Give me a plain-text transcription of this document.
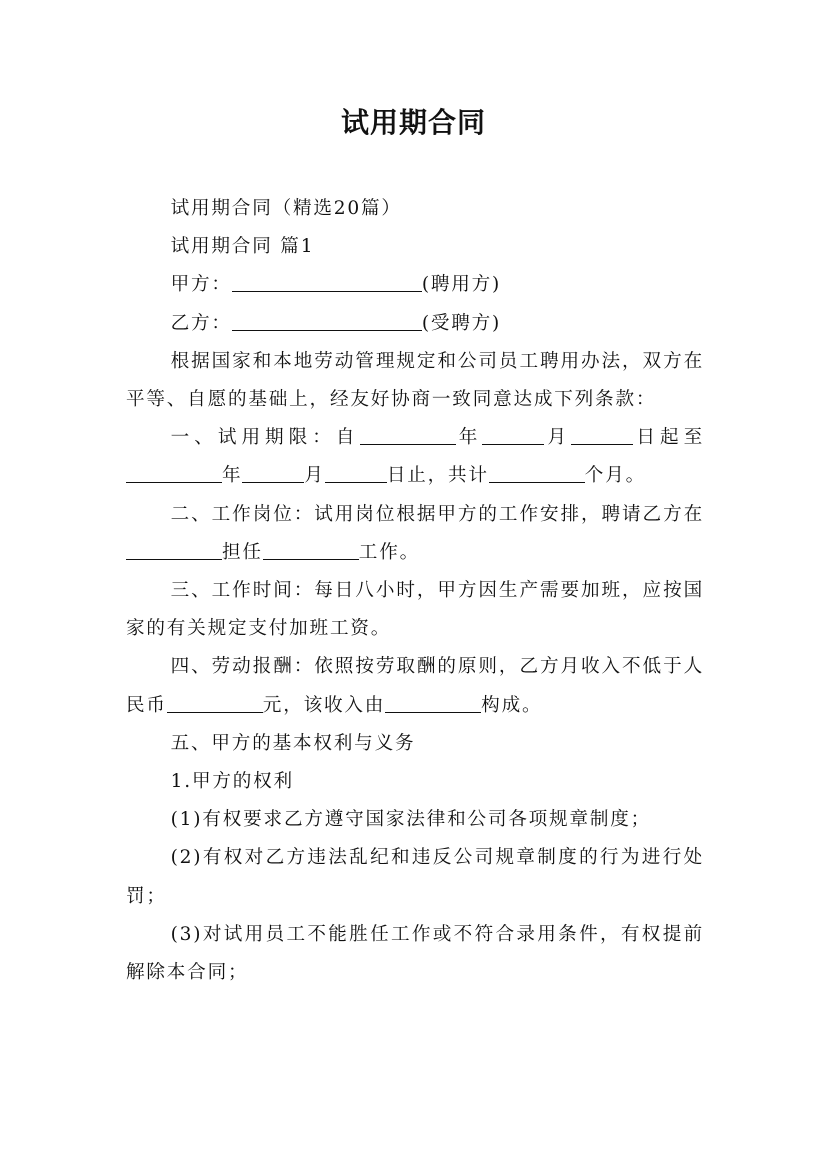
试用期合同

试用期合同（精选20篇）

试用期合同 篇1

甲方：	(聘用方)

乙方：	(受聘方)

根据国家和本地劳动管理规定和公司员工聘用办法，双方在平等、自愿的基础上，经友好协商一致同意达成下列条款：

一、试用期限：自	年	月	日起至年	月	日止，共计	个月。

二、工作岗位：试用岗位根据甲方的工作安排，聘请乙方在担任	工作。

三、工作时间：每日八小时，甲方因生产需要加班，应按国家的有关规定支付加班工资。

四、劳动报酬：依照按劳取酬的原则，乙方月收入不低于人民币	元，该收入由	构成。

五、甲方的基本权利与义务

1.甲方的权利

(1)有权要求乙方遵守国家法律和公司各项规章制度；

(2)有权对乙方违法乱纪和违反公司规章制度的行为进行处罚；

(3)对试用员工不能胜任工作或不符合录用条件，有权提前解除本合同；
